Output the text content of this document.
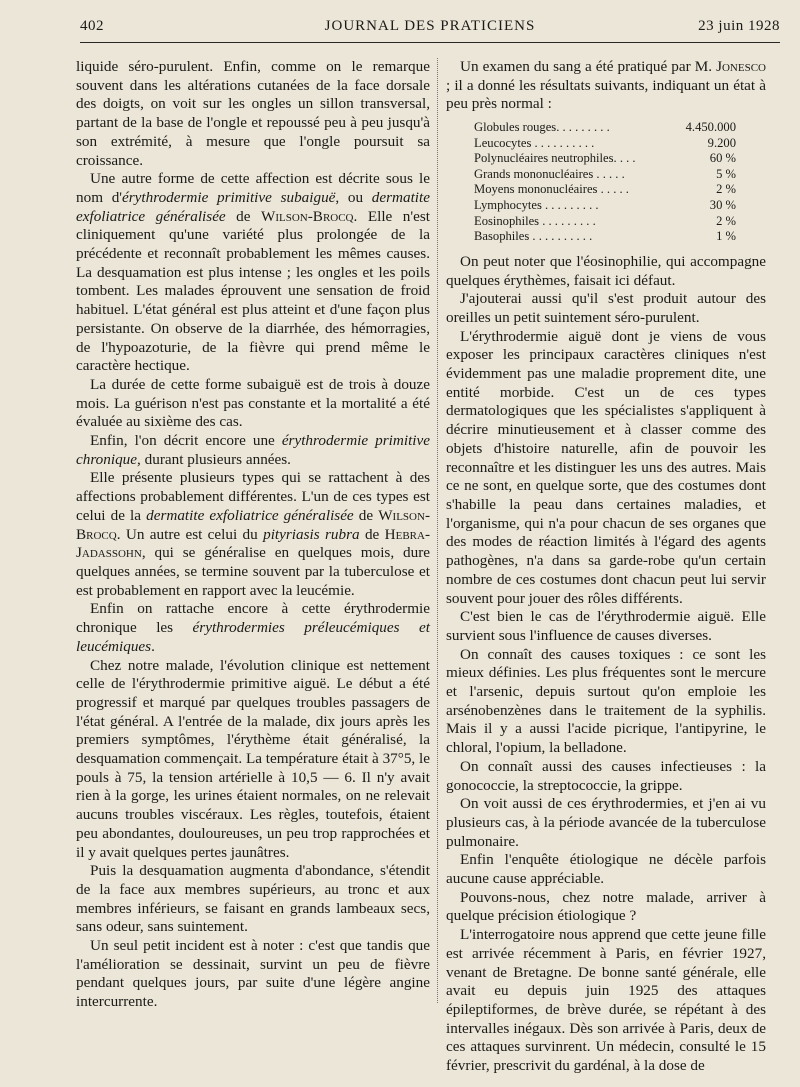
402	JOURNAL DES PRATICIENS	23 juin 1928

liquide séro-purulent. Enfin, comme on le remarque souvent dans les altérations cutanées de la face dorsale des doigts, on voit sur les ongles un sillon transversal, partant de la base de l'ongle et repoussé peu à peu jusqu'à son extrémité, à mesure que l'ongle poursuit sa croissance.

Une autre forme de cette affection est décrite sous le nom d'érythrodermie primitive subaiguë, ou dermatite exfoliatrice généralisée de Wilson-Brocq. Elle n'est cliniquement qu'une variété plus prolongée de la précédente et reconnaît probablement les mêmes causes. La desquamation est plus intense ; les ongles et les poils tombent. Les malades éprouvent une sensation de froid habituel. L'état général est plus atteint et d'une façon plus persistante. On observe de la diarrhée, des hémorragies, de l'hypoazoturie, de la fièvre qui prend même le caractère hectique.

La durée de cette forme subaiguë est de trois à douze mois. La guérison n'est pas constante et la mortalité a été évaluée au sixième des cas.

Enfin, l'on décrit encore une érythrodermie primitive chronique, durant plusieurs années.

Elle présente plusieurs types qui se rattachent à des affections probablement différentes. L'un de ces types est celui de la dermatite exfoliatrice généralisée de Wilson-Brocq. Un autre est celui du pityriasis rubra de Hebra-Jadassohn, qui se généralise en quelques mois, dure quelques années, se termine souvent par la tuberculose et est probablement en rapport avec la leucémie.

Enfin on rattache encore à cette érythrodermie chronique les érythrodermies préleucémiques et leucémiques.

Chez notre malade, l'évolution clinique est nettement celle de l'érythrodermie primitive aiguë. Le début a été progressif et marqué par quelques troubles passagers de l'état général. A l'entrée de la malade, dix jours après les premiers symptômes, l'érythème était généralisé, la desquamation commençait. La température était à 37°5, le pouls à 75, la tension artérielle à 10,5 — 6. Il n'y avait rien à la gorge, les urines étaient normales, on ne relevait aucuns troubles viscéraux. Les règles, toutefois, étaient peu abondantes, douloureuses, un peu trop rapprochées et il y avait quelques pertes jaunâtres.

Puis la desquamation augmenta d'abondance, s'étendit de la face aux membres supérieurs, au tronc et aux membres inférieurs, se faisant en grands lambeaux secs, sans odeur, sans suintement.

Un seul petit incident est à noter : c'est que tandis que l'amélioration se dessinait, survint un peu de fièvre pendant quelques jours, par suite d'une légère angine intercurrente.

Un examen du sang a été pratiqué par M. Jonesco ; il a donné les résultats suivants, indiquant un état à peu près normal :

Globules rouges. . . . . . . . .	4.450.000
Leucocytes . . . . . . . . . .	9.200
Polynucléaires neutrophiles. . . .	60 %
Grands mononucléaires . . . . .	5 %
Moyens mononucléaires . . . . .	2 %
Lymphocytes . . . . . . . . .	30 %
Eosinophiles . . . . . . . . .	2 %
Basophiles . . . . . . . . . .	1 %

On peut noter que l'éosinophilie, qui accompagne quelques érythèmes, faisait ici défaut.

J'ajouterai aussi qu'il s'est produit autour des oreilles un petit suintement séro-purulent.

L'érythrodermie aiguë dont je viens de vous exposer les principaux caractères cliniques n'est évidemment pas une maladie proprement dite, une entité morbide. C'est un de ces types dermatologiques que les spécialistes s'appliquent à décrire minutieusement et à classer comme des objets d'histoire naturelle, afin de pouvoir les reconnaître et les distinguer les uns des autres. Mais ce ne sont, en quelque sorte, que des costumes dont s'habille la peau dans certaines maladies, et l'organisme, qui n'a pour chacun de ses organes que des modes de réaction limités à l'égard des agents pathogènes, n'a dans sa garde-robe qu'un certain nombre de ces costumes dont chacun peut lui servir souvent pour jouer des rôles différents.

C'est bien le cas de l'érythrodermie aiguë. Elle survient sous l'influence de causes diverses.

On connaît des causes toxiques : ce sont les mieux définies. Les plus fréquentes sont le mercure et l'arsenic, depuis surtout qu'on emploie les arsénobenzènes dans le traitement de la syphilis. Mais il y a aussi l'acide picrique, l'antipyrine, le chloral, l'opium, la belladone.

On connaît aussi des causes infectieuses : la gonococcie, la streptococcie, la grippe.

On voit aussi de ces érythrodermies, et j'en ai vu plusieurs cas, à la période avancée de la tuberculose pulmonaire.

Enfin l'enquête étiologique ne décèle parfois aucune cause appréciable.

Pouvons-nous, chez notre malade, arriver à quelque précision étiologique ?

L'interrogatoire nous apprend que cette jeune fille est arrivée récemment à Paris, en février 1927, venant de Bretagne. De bonne santé générale, elle avait eu depuis juin 1925 des attaques épileptiformes, de brève durée, se répétant à des intervalles inégaux. Dès son arrivée à Paris, deux de ces attaques survinrent. Un médecin, consulté le 15 février, prescrivit du gardénal, à la dose de
